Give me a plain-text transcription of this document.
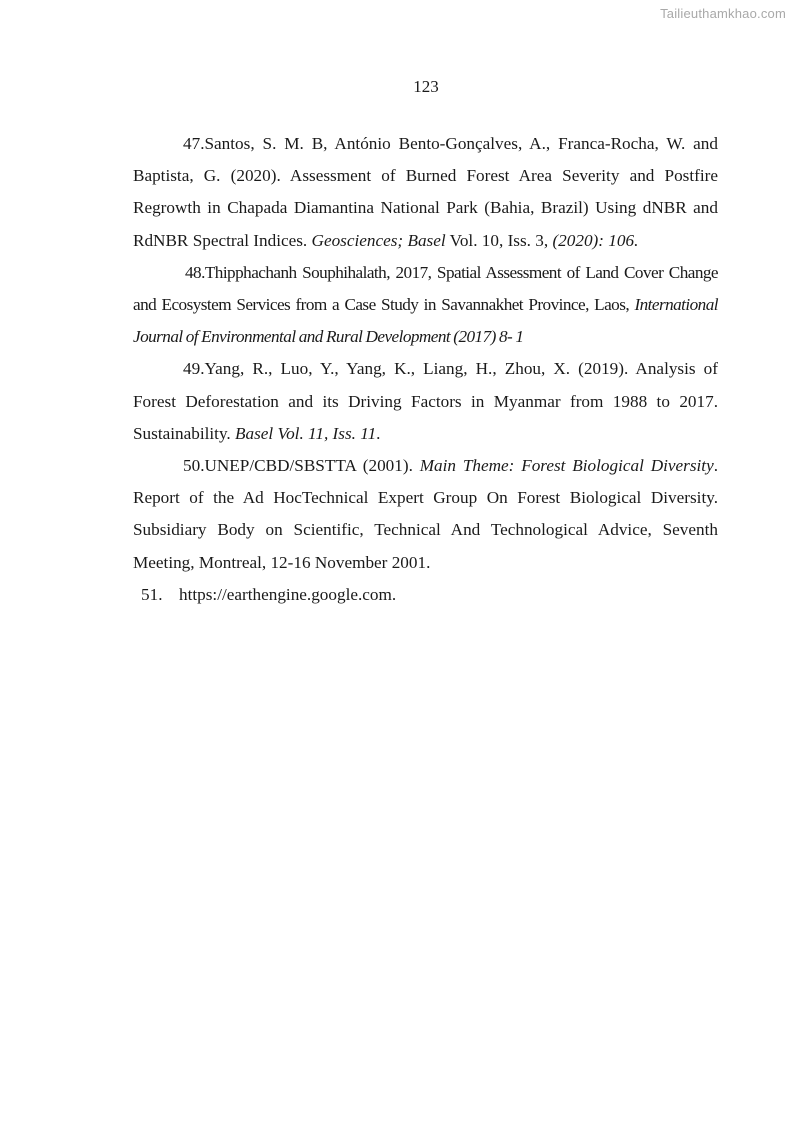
Tailieuthamkhao.com
123

47.Santos, S. M. B, António Bento-Gonçalves, A., Franca-Rocha, W. and Baptista, G. (2020). Assessment of Burned Forest Area Severity and Postfire Regrowth in Chapada Diamantina National Park (Bahia, Brazil) Using dNBR and RdNBR Spectral Indices. Geosciences; Basel Vol. 10, Iss. 3, (2020): 106.

48.Thipphachanh Souphihalath, 2017, Spatial Assessment of Land Cover Change and Ecosystem Services from a Case Study in Savannakhet Province, Laos, International Journal of Environmental and Rural Development (2017) 8- 1

49.Yang, R., Luo, Y., Yang, K., Liang, H., Zhou, X. (2019). Analysis of Forest Deforestation and its Driving Factors in Myanmar from 1988 to 2017. Sustainability. Basel Vol. 11, Iss. 11.

50.UNEP/CBD/SBSTTA (2001). Main Theme: Forest Biological Diversity. Report of the Ad HocTechnical Expert Group On Forest Biological Diversity. Subsidiary Body on Scientific, Technical And Technological Advice, Seventh Meeting, Montreal, 12-16 November 2001.

51. https://earthengine.google.com.
